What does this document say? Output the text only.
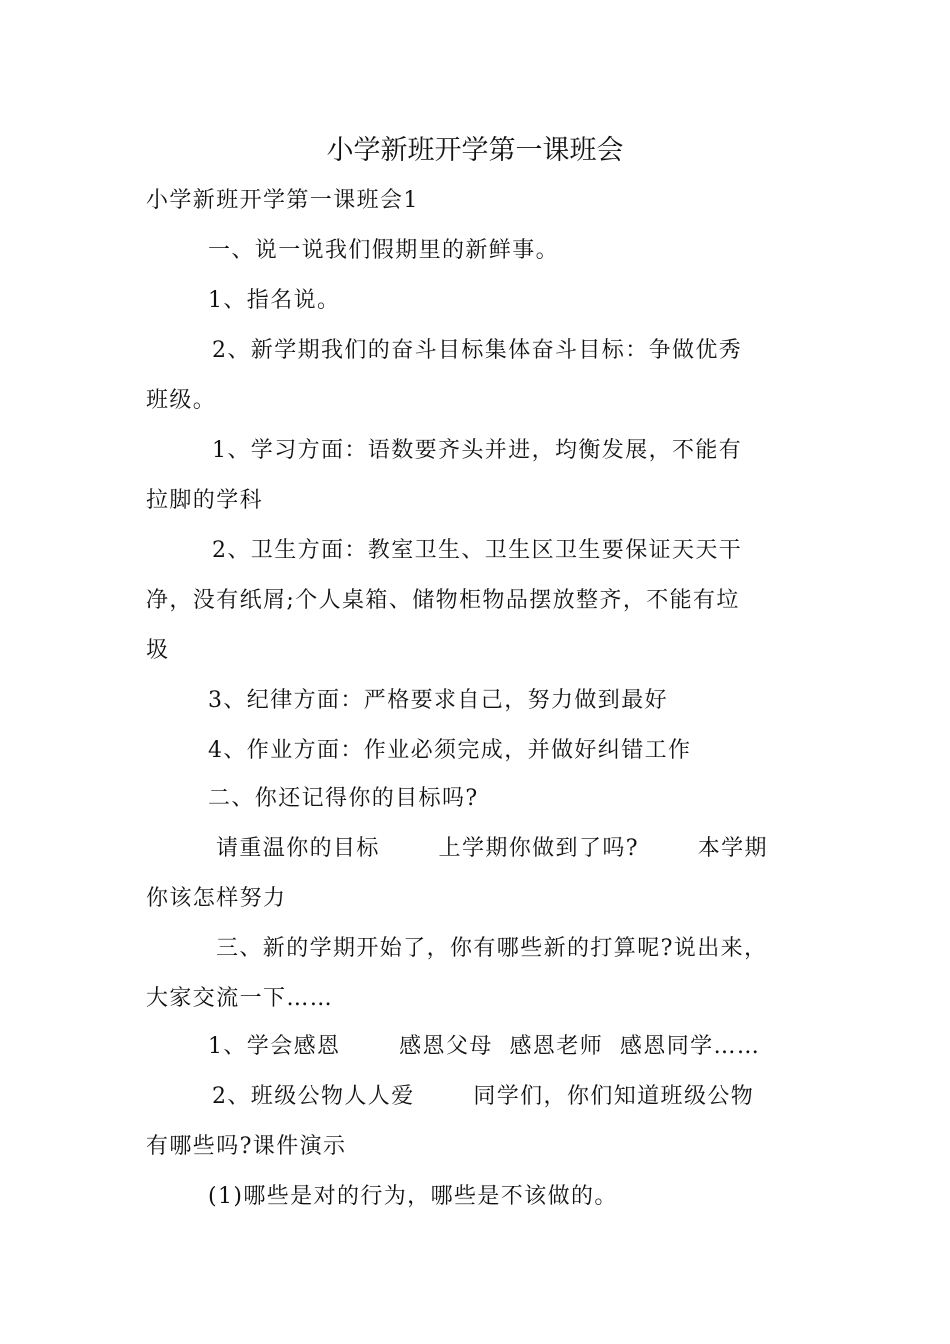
小学新班开学第一课班会
小学新班开学第一课班会1
一、说一说我们假期里的新鲜事。
1、指名说。
2、新学期我们的奋斗目标集体奋斗目标：争做优秀
班级。
1、学习方面：语数要齐头并进，均衡发展，不能有
拉脚的学科
2、卫生方面：教室卫生、卫生区卫生要保证天天干
净，没有纸屑;个人桌箱、储物柜物品摆放整齐，不能有垃
圾
3、纪律方面：严格要求自己，努力做到最好
4、作业方面：作业必须完成，并做好纠错工作
二、你还记得你的目标吗?
请重温你的目标       上学期你做到了吗?       本学期
你该怎样努力
三、新的学期开始了，你有哪些新的打算呢?说出来，
大家交流一下……
1、学会感恩       感恩父母  感恩老师  感恩同学……
2、班级公物人人爱       同学们，你们知道班级公物
有哪些吗?课件演示
(1)哪些是对的行为，哪些是不该做的。
